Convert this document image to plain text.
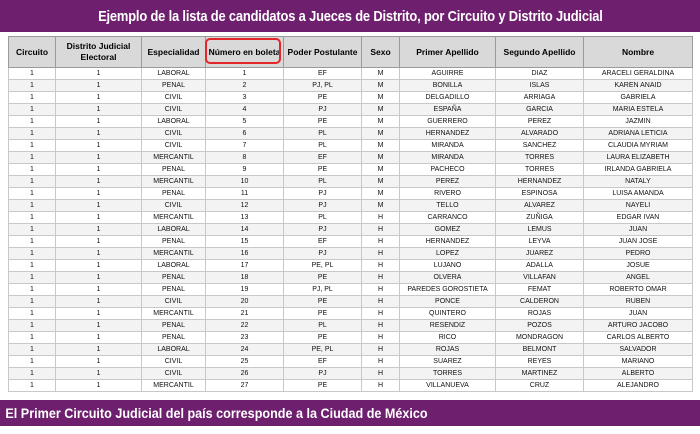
Ejemplo de la lista de candidatos a Jueces de Distrito, por Circuito y Distrito Judicial
Circuito	Distrito Judicial Electoral	Especialidad	Número en boleta	Poder Postulante	Sexo	Primer Apellido	Segundo Apellido	Nombre
1	1	LABORAL	1	EF	M	AGUIRRE	DIAZ	ARACELI GERALDINA
1	1	PENAL	2	PJ, PL	M	BONILLA	ISLAS	KAREN ANAID
1	1	CIVIL	3	PE	M	DELGADILLO	ARRIAGA	GABRIELA
1	1	CIVIL	4	PJ	M	ESPAÑA	GARCIA	MARIA ESTELA
1	1	LABORAL	5	PE	M	GUERRERO	PEREZ	JAZMIN
1	1	CIVIL	6	PL	M	HERNANDEZ	ALVARADO	ADRIANA LETICIA
1	1	CIVIL	7	PL	M	MIRANDA	SANCHEZ	CLAUDIA MYRIAM
1	1	MERCANTIL	8	EF	M	MIRANDA	TORRES	LAURA ELIZABETH
1	1	PENAL	9	PE	M	PACHECO	TORRES	IRLANDA GABRIELA
1	1	MERCANTIL	10	PL	M	PEREZ	HERNANDEZ	NATALY
1	1	PENAL	11	PJ	M	RIVERO	ESPINOSA	LUISA AMANDA
1	1	CIVIL	12	PJ	M	TELLO	ALVAREZ	NAYELI
1	1	MERCANTIL	13	PL	H	CARRANCO	ZUÑIGA	EDGAR IVAN
1	1	LABORAL	14	PJ	H	GOMEZ	LEMUS	JUAN
1	1	PENAL	15	EF	H	HERNANDEZ	LEYVA	JUAN JOSE
1	1	MERCANTIL	16	PJ	H	LOPEZ	JUAREZ	PEDRO
1	1	LABORAL	17	PE, PL	H	LUJANO	ADALLA	JOSUE
1	1	PENAL	18	PE	H	OLVERA	VILLAFAN	ANGEL
1	1	PENAL	19	PJ, PL	H	PAREDES GOROSTIETA	FEMAT	ROBERTO OMAR
1	1	CIVIL	20	PE	H	PONCE	CALDERON	RUBEN
1	1	MERCANTIL	21	PE	H	QUINTERO	ROJAS	JUAN
1	1	PENAL	22	PL	H	RESENDIZ	POZOS	ARTURO JACOBO
1	1	PENAL	23	PE	H	RICO	MONDRAGON	CARLOS ALBERTO
1	1	LABORAL	24	PE, PL	H	ROJAS	BELMONT	SALVADOR
1	1	CIVIL	25	EF	H	SUAREZ	REYES	MARIANO
1	1	CIVIL	26	PJ	H	TORRES	MARTINEZ	ALBERTO
1	1	MERCANTIL	27	PE	H	VILLANUEVA	CRUZ	ALEJANDRO
El Primer Circuito Judicial del país corresponde a la Ciudad de México
